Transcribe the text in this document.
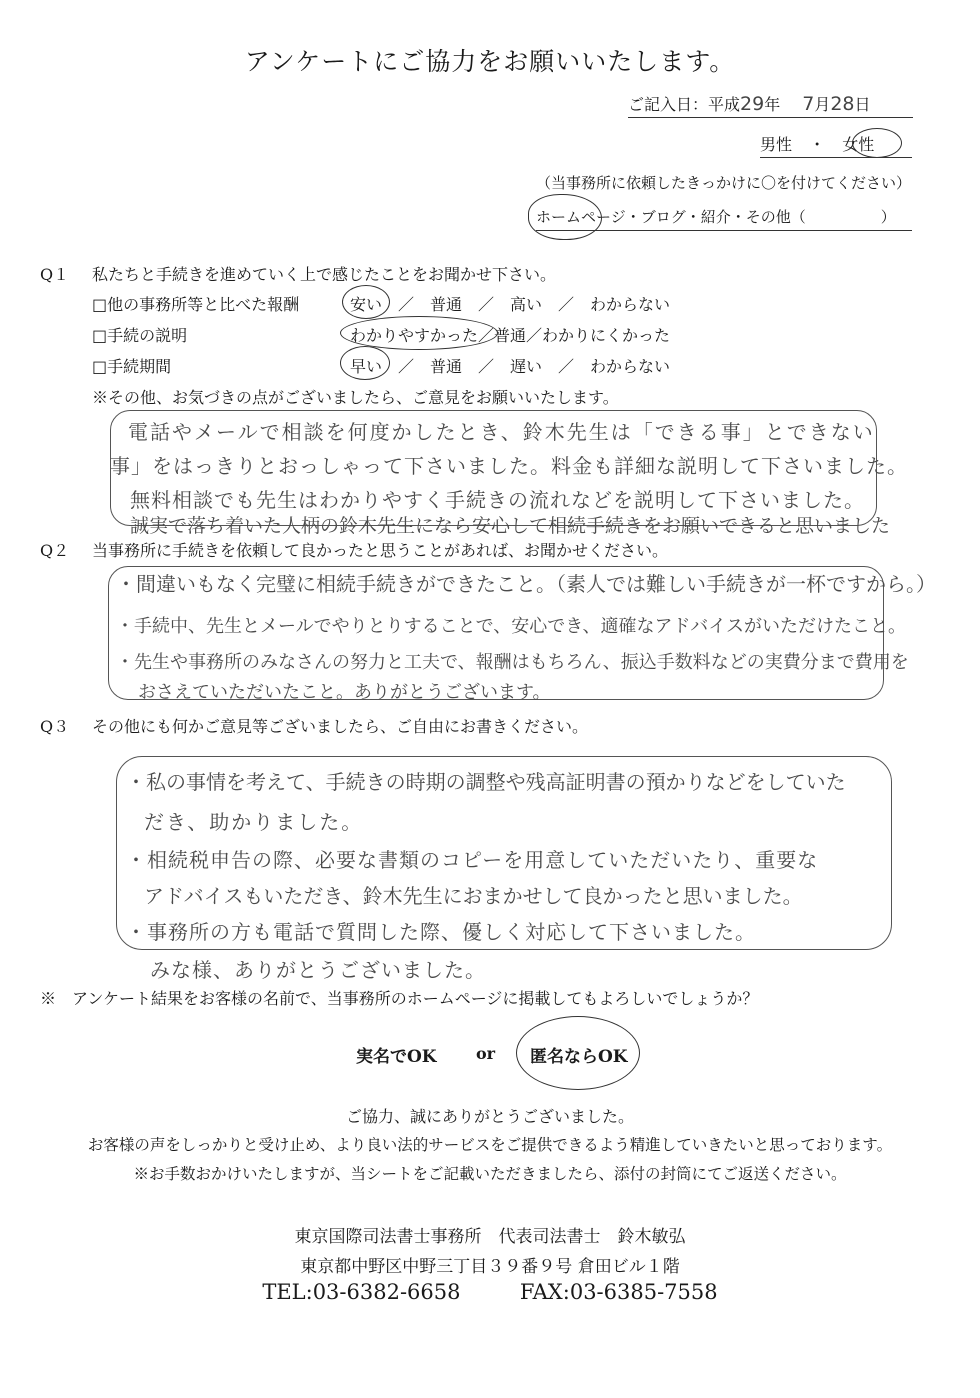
アンケートにご協力をお願いいたします。
ご記入日：平成29年 7月28日
男性 ・ 女性
（当事務所に依頼したきっかけに〇を付けてください）
ホームページ・ブログ・紹介・その他（　　　　　）
Q１ 私たちと手続きを進めていく上で感じたことをお聞かせ下さい。
□他の事務所等と比べた報酬	安い　／　普通　／　高い　／　わからない
□手続の説明	わかりやすかった／普通／わかりにくかった
□手続期間	早い　／　普通　／　遅い　／　わからない
※その他、お気づきの点がございましたら、ご意見をお願いいたします。
電話やメールで相談を何度かしたとき、鈴木先生は「できる事」とできない
事」をはっきりとおっしゃって下さいました。料金も詳細な説明して下さいました。
無料相談でも先生はわかりやすく手続きの流れなどを説明して下さいました。
誠実で落ち着いた人柄の鈴木先生になら安心して相続手続きをお願いできると思いました
Q２ 当事務所に手続きを依頼して良かったと思うことがあれば、お聞かせください。
・間違いもなく完璧に相続手続きができたこと。（素人では難しい手続きが一杯ですから。）
・手続中、先生とメールでやりとりすることで、安心でき、適確なアドバイスがいただけたこと。
・先生や事務所のみなさんの努力と工夫で、報酬はもちろん、振込手数料などの実費分まで費用を
おさえていただいたこと。ありがとうございます。
Q３ その他にも何かご意見等ございましたら、ご自由にお書きください。
・私の事情を考えて、手続きの時期の調整や残高証明書の預かりなどをしていた
だき、助かりました。
・相続税申告の際、必要な書類のコピーを用意していただいたり、重要な
アドバイスもいただき、鈴木先生におまかせして良かったと思いました。
・事務所の方も電話で質問した際、優しく対応して下さいました。
みな様、ありがとうございました。
※　アンケート結果をお客様の名前で、当事務所のホームページに掲載してもよろしいでしょうか？
実名でOK or 匿名ならOK
ご協力、誠にありがとうございました。
お客様の声をしっかりと受け止め、より良い法的サービスをご提供できるよう精進していきたいと思っております。
※お手数おかけいたしますが、当シートをご記載いただきましたら、添付の封筒にてご返送ください。
東京国際司法書士事務所　代表司法書士　鈴木敏弘
東京都中野区中野三丁目３９番９号 倉田ビル１階
TEL:03-6382-6658	FAX:03-6385-7558
